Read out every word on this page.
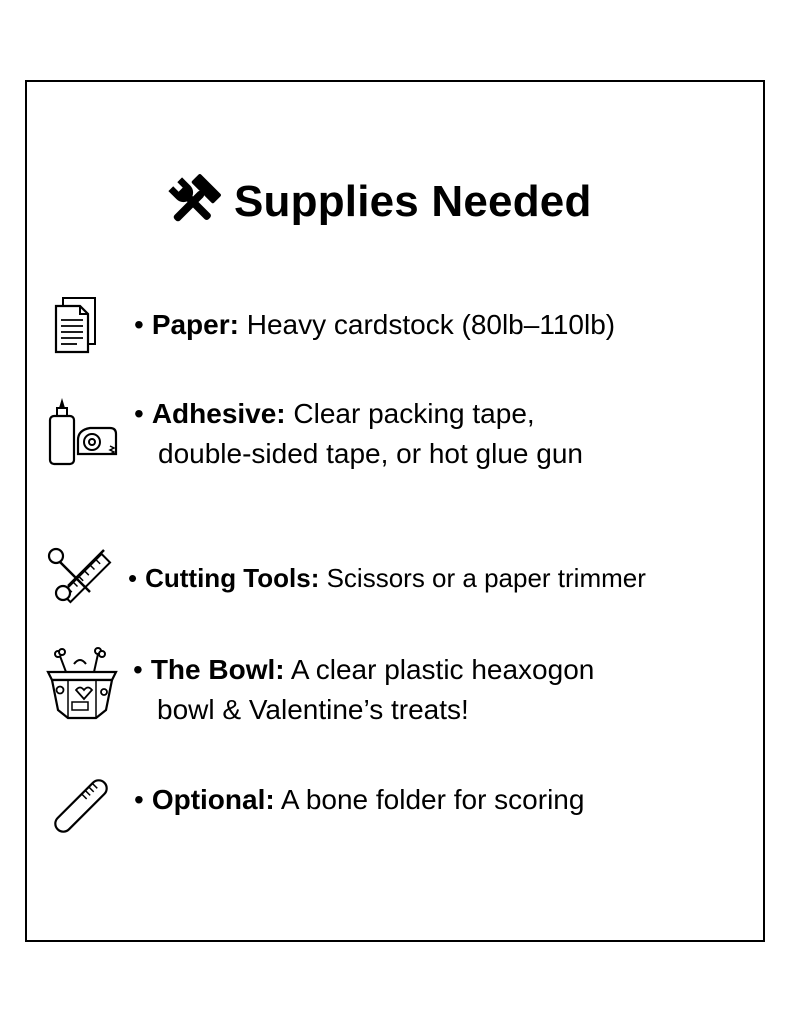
Supplies Needed
• Paper: Heavy cardstock (80lb–110lb)
• Adhesive: Clear packing tape,
double-sided tape, or hot glue gun
• Cutting Tools: Scissors or a paper trimmer
• The Bowl: A clear plastic heaxogon
bowl & Valentine’s treats!
• Optional: A bone folder for scoring
